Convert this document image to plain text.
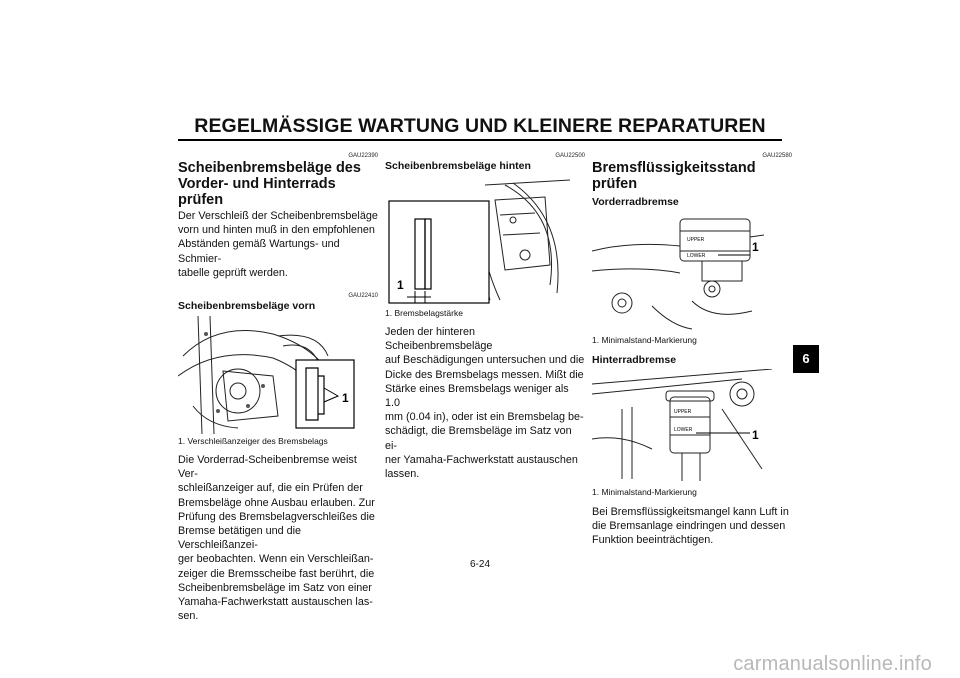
REGELMÄSSIGE WARTUNG UND KLEINERE REPARATUREN
GAU22390
Scheibenbremsbeläge des
Vorder- und Hinterrads prüfen
Der Verschleiß der Scheibenbremsbeläge
vorn und hinten muß in den empfohlenen
Abständen gemäß Wartungs- und Schmier-
tabelle geprüft werden.
GAU22410
Scheibenbremsbeläge vorn
1
1. Verschleißanzeiger des Bremsbelags
Die Vorderrad-Scheibenbremse weist Ver-
schleißanzeiger auf, die ein Prüfen der
Bremsbeläge ohne Ausbau erlauben. Zur
Prüfung des Bremsbelagverschleißes die
Bremse betätigen und die Verschleißanzei-
ger beobachten. Wenn ein Verschleißan-
zeiger die Bremsscheibe fast berührt, die
Scheibenbremsbeläge im Satz von einer
Yamaha-Fachwerkstatt austauschen las-
sen.
GAU22500
Scheibenbremsbeläge hinten
1
1. Bremsbelagstärke
Jeden der hinteren Scheibenbremsbeläge
auf Beschädigungen untersuchen und die
Dicke des Bremsbelags messen. Mißt die
Stärke eines Bremsbelags weniger als 1.0
mm (0.04 in), oder ist ein Bremsbelag be-
schädigt, die Bremsbeläge im Satz von ei-
ner Yamaha-Fachwerkstatt austauschen
lassen.
GAU22580
Bremsflüssigkeitsstand prüfen
Vorderradbremse
UPPER
LOWER
1
1. Minimalstand-Markierung
Hinterradbremse
UPPER
LOWER	1
1. Minimalstand-Markierung
Bei Bremsflüssigkeitsmangel kann Luft in
die Bremsanlage eindringen und dessen
Funktion beeinträchtigen.
6-24
6
carmanualsonline.info
